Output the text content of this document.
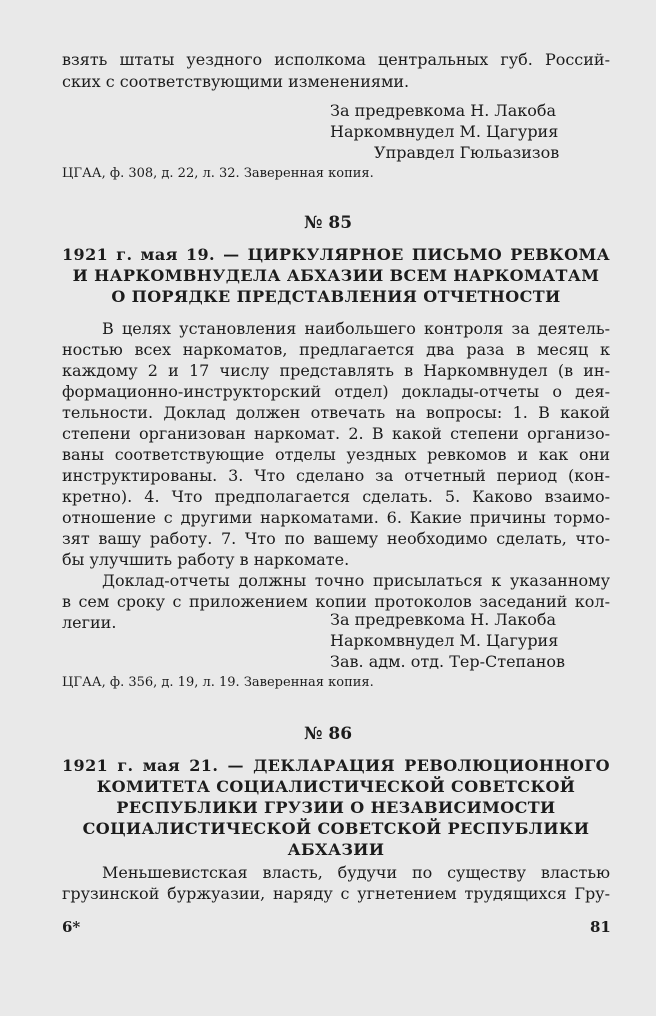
взять штаты уездного исполкома центральных губ. Россий-
ских с соответствующими изменениями.
За предревкома Н. Лакоба
Наркомвнудел М. Цагурия
Управдел Гюльазизов
ЦГАА, ф. 308, д. 22, л. 32. Заверенная копия.
№ 85
1921 г. мая 19. — ЦИРКУЛЯРНОЕ ПИСЬМО РЕВКОМА
И НАРКОМВНУДЕЛА АБХАЗИИ ВСЕМ НАРКОМАТАМ
О ПОРЯДКЕ ПРЕДСТАВЛЕНИЯ ОТЧЕТНОСТИ
В целях установления наибольшего контроля за деятель-
ностью всех наркоматов, предлагается два раза в месяц к
каждому 2 и 17 числу представлять в Наркомвнудел (в ин-
формационно-инструкторский отдел) доклады-отчеты о дея-
тельности. Доклад должен отвечать на вопросы: 1. В какой
степени организован наркомат. 2. В какой степени организо-
ваны соответствующие отделы уездных ревкомов и как они
инструктированы. 3. Что сделано за отчетный период (кон-
кретно). 4. Что предполагается сделать. 5. Каково взаимо-
отношение с другими наркоматами. 6. Какие причины тормо-
зят вашу работу. 7. Что по вашему необходимо сделать, что-
бы улучшить работу в наркомате.
Доклад-отчеты должны точно присылаться к указанному
в сем сроку с приложением копии протоколов заседаний кол-
легии.	За предревкома Н. Лакоба
Наркомвнудел М. Цагурия
Зав. адм. отд. Тер-Степанов
ЦГАА, ф. 356, д. 19, л. 19. Заверенная копия.
№ 86
1921 г. мая 21. — ДЕКЛАРАЦИЯ РЕВОЛЮЦИОННОГО
КОМИТЕТА СОЦИАЛИСТИЧЕСКОЙ СОВЕТСКОЙ
РЕСПУБЛИКИ ГРУЗИИ О НЕЗАВИСИМОСТИ
СОЦИАЛИСТИЧЕСКОЙ СОВЕТСКОЙ РЕСПУБЛИКИ
АБХАЗИИ
Меньшевистская власть, будучи по существу властью
грузинской буржуазии, наряду с угнетением трудящихся Гру-
6*	81
